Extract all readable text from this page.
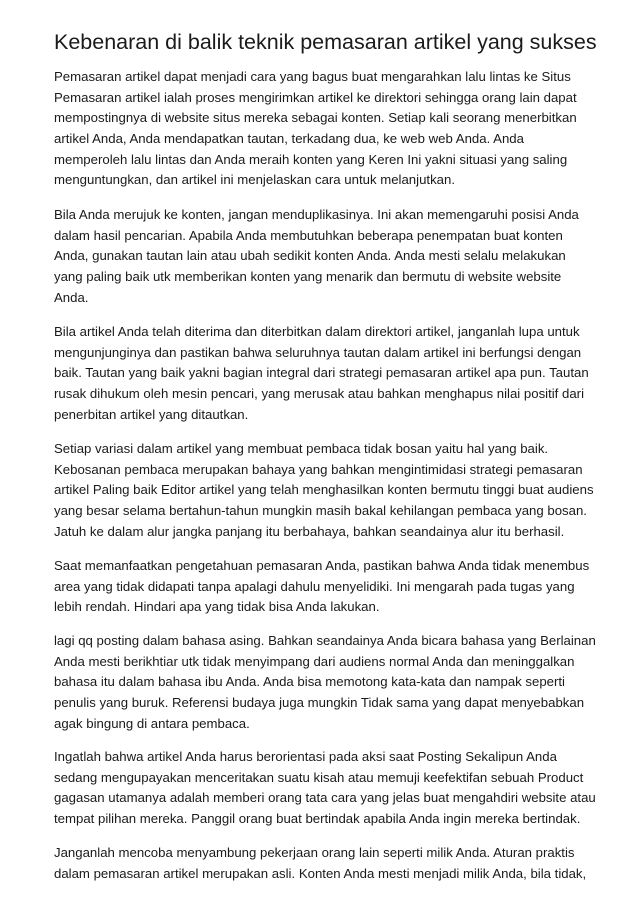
Kebenaran di balik teknik pemasaran artikel yang sukses

Pemasaran artikel dapat menjadi cara yang bagus buat mengarahkan lalu lintas ke Situs
Pemasaran artikel ialah proses mengirimkan artikel ke direktori sehingga orang lain dapat
mempostingnya di website situs mereka sebagai konten. Setiap kali seorang menerbitkan
artikel Anda, Anda mendapatkan tautan, terkadang dua, ke web web Anda. Anda
memperoleh lalu lintas dan Anda meraih konten yang Keren Ini yakni situasi yang saling
menguntungkan, dan artikel ini menjelaskan cara untuk melanjutkan.

Bila Anda merujuk ke konten, jangan menduplikasinya. Ini akan memengaruhi posisi Anda
dalam hasil pencarian. Apabila Anda membutuhkan beberapa penempatan buat konten
Anda, gunakan tautan lain atau ubah sedikit konten Anda. Anda mesti selalu melakukan
yang paling baik utk memberikan konten yang menarik dan bermutu di website website
Anda.

Bila artikel Anda telah diterima dan diterbitkan dalam direktori artikel, janganlah lupa untuk
mengunjunginya dan pastikan bahwa seluruhnya tautan dalam artikel ini berfungsi dengan
baik. Tautan yang baik yakni bagian integral dari strategi pemasaran artikel apa pun. Tautan
rusak dihukum oleh mesin pencari, yang merusak atau bahkan menghapus nilai positif dari
penerbitan artikel yang ditautkan.

Setiap variasi dalam artikel yang membuat pembaca tidak bosan yaitu hal yang baik.
Kebosanan pembaca merupakan bahaya yang bahkan mengintimidasi strategi pemasaran
artikel Paling baik Editor artikel yang telah menghasilkan konten bermutu tinggi buat audiens
yang besar selama bertahun-tahun mungkin masih bakal kehilangan pembaca yang bosan.
Jatuh ke dalam alur jangka panjang itu berbahaya, bahkan seandainya alur itu berhasil.

Saat memanfaatkan pengetahuan pemasaran Anda, pastikan bahwa Anda tidak menembus
area yang tidak didapati tanpa apalagi dahulu menyelidiki. Ini mengarah pada tugas yang
lebih rendah. Hindari apa yang tidak bisa Anda lakukan.

lagi qq posting dalam bahasa asing. Bahkan seandainya Anda bicara bahasa yang Berlainan
Anda mesti berikhtiar utk tidak menyimpang dari audiens normal Anda dan meninggalkan
bahasa itu dalam bahasa ibu Anda. Anda bisa memotong kata-kata dan nampak seperti
penulis yang buruk. Referensi budaya juga mungkin Tidak sama yang dapat menyebabkan
agak bingung di antara pembaca.

Ingatlah bahwa artikel Anda harus berorientasi pada aksi saat Posting Sekalipun Anda
sedang mengupayakan menceritakan suatu kisah atau memuji keefektifan sebuah Product
gagasan utamanya adalah memberi orang tata cara yang jelas buat mengahdiri website atau
tempat pilihan mereka. Panggil orang buat bertindak apabila Anda ingin mereka bertindak.

Janganlah mencoba menyambung pekerjaan orang lain seperti milik Anda. Aturan praktis
dalam pemasaran artikel merupakan asli. Konten Anda mesti menjadi milik Anda, bila tidak,
